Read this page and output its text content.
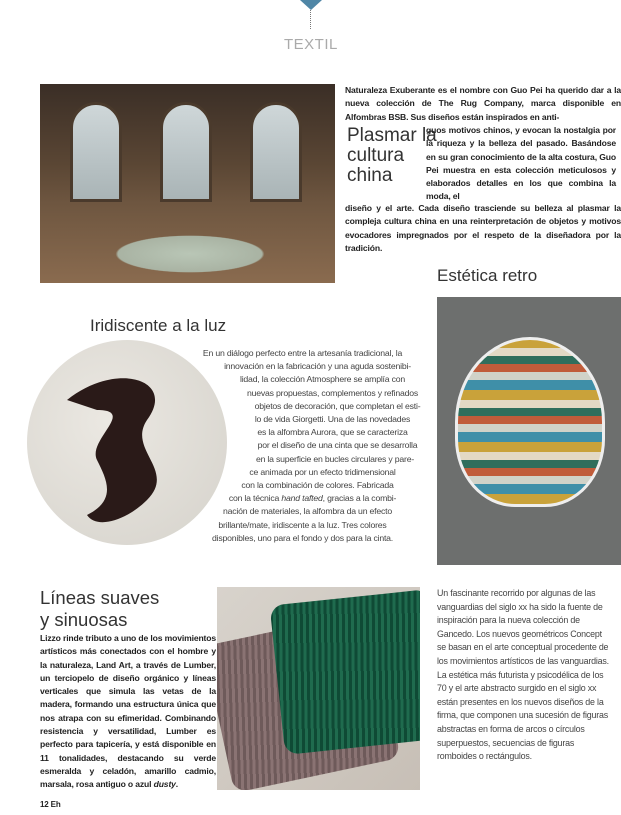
TEXTIL
Naturaleza Exuberante es el nombre con Guo Pei ha querido dar a la nueva colección de The Rug Company, marca disponible en Alfombras BSB. Sus diseños están inspirados en anti-
Plasmar la cultura china
guos motivos chinos, y evocan la nostalgia por la riqueza y la belleza del pasado. Basándose en su gran conocimiento de la alta costura, Guo Pei muestra en esta colección meticulosos y elaborados detalles en los que combina la moda, el
diseño y el arte. Cada diseño trasciende su belleza al plasmar la compleja cultura china en una reinterpretación de objetos y motivos evocadores impregnados por el respeto de la diseñadora por la tradición.
Estética retro
Iridiscente a la luz
En un diálogo perfecto entre la artesanía tradicional, la
innovación en la fabricación y una aguda sostenibi-
lidad, la colección Atmosphere se amplía con
nuevas propuestas, complementos y refinados
objetos de decoración, que completan el esti-
lo de vida Giorgetti. Una de las novedades
es la alfombra Aurora, que se caracteriza
por el diseño de una cinta que se desarrolla
en la superficie en bucles circulares y pare-
ce animada por un efecto tridimensional
con la combinación de colores. Fabricada
con la técnica hand tafted, gracias a la combi-
nación de materiales, la alfombra da un efecto
brillante/mate, iridiscente a la luz. Tres colores
disponibles, uno para el fondo y dos para la cinta.
Líneas suaves
y sinuosas
Lizzo rinde tributo a uno de los movimientos artísticos más conectados con el hombre y la naturaleza, Land Art, a través de Lumber, un terciopelo de diseño orgánico y líneas verticales que simula las vetas de la madera, formando una estructura única que nos atrapa con su efimeridad. Combinando resistencia y versatilidad, Lumber es perfecto para tapicería, y está disponible en 11 tonalidades, destacando su verde esmeralda y celadón, amarillo cadmio, marsala, rosa antiguo o azul dusty.
Un fascinante recorrido por algunas de las vanguardias del siglo xx ha sido la fuente de inspiración para la nueva colección de Gancedo. Los nuevos geométricos Concept se basan en el arte conceptual procedente de los movimientos artísticos de las vanguardias. La estética más futurista y psicodélica de los 70 y el arte abstracto surgido en el siglo xx están presentes en los nuevos diseños de la firma, que componen una sucesión de figuras abstractas en forma de arcos o círculos superpuestos, secuencias de figuras romboides o rectángulos.
12 Eh
